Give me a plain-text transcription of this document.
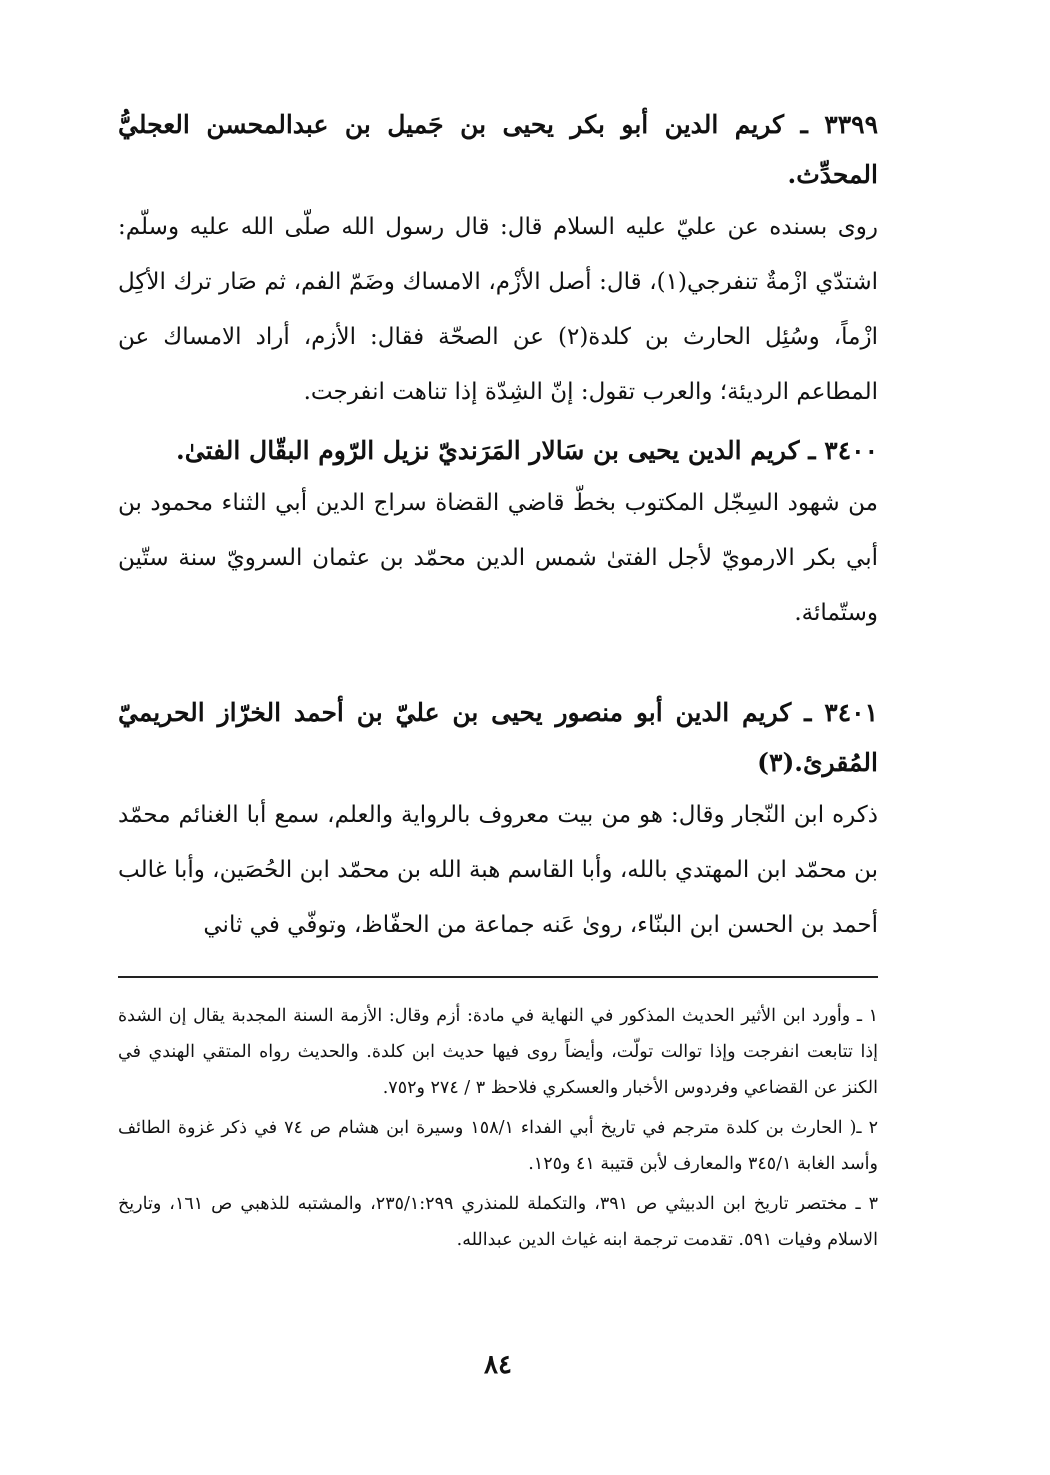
٣٣٩٩ ـ كريم الدين أبو بكر يحيى بن جَميل بن عبدالمحسن العجليُّ المحدِّث.

روى بسنده عن عليّ عليه السلام قال: قال رسول الله صلّى الله عليه وسلّم: اشتدّي ازْمةٌ تنفرجي(١)، قال: أصل الأزْم، الامساك وضَمّ الفم، ثم صَار ترك الأكِل ازْماً، وسُئِل الحارث بن كلدة(٢) عن الصحّة فقال: الأزم، أراد الامساك عن المطاعم الرديئة؛ والعرب تقول: إنّ الشِدّة إذا تناهت انفرجت.

٣٤٠٠ ـ كريم الدين يحيى بن سَالار المَرَنديّ نزيل الرّوم البقّال الفتىٰ.

من شهود السِجّل المكتوب بخطّ قاضي القضاة سراج الدين أبي الثناء محمود بن أبي بكر الارمويّ لأجل الفتىٰ شمس الدين محمّد بن عثمان السرويّ سنة ستّين وستّمائة.

٣٤٠١ ـ كريم الدين أبو منصور يحيى بن عليّ بن أحمد الخرّاز الحريميّ المُقرئ.(٣)

ذكره ابن النّجار وقال: هو من بيت معروف بالرواية والعلم، سمع أبا الغنائم محمّد بن محمّد ابن المهتدي بالله، وأبا القاسم هبة الله بن محمّد ابن الحُصَين، وأبا غالب أحمد بن الحسن ابن البنّاء، روىٰ عَنه جماعة من الحفّاظ، وتوفّي في ثاني

١ ـ وأورد ابن الأثير الحديث المذكور في النهاية في مادة: أزم وقال: الأزمة السنة المجدبة يقال إن الشدة إذا تتابعت انفرجت وإذا توالت تولّت، وأيضاً روى فيها حديث ابن كلدة. والحديث رواه المتقي الهندي في الكنز عن القضاعي وفردوس الأخبار والعسكري فلاحظ ٣ / ٢٧٤ و٧٥٢.

٢ ـ( الحارث بن كلدة مترجم في تاريخ أبي الفداء ١٥٨/١ وسيرة ابن هشام ص ٧٤ في ذكر غزوة الطائف وأسد الغابة ٣٤٥/١ والمعارف لأبن قتيبة ٤١ و١٢٥.

٣ ـ مختصر تاريخ ابن الدبيثي ص ٣٩١، والتكملة للمنذري ٢٣٥/١:٢٩٩، والمشتبه للذهبي ص ١٦١، وتاريخ الاسلام وفيات ٥٩١. تقدمت ترجمة ابنه غياث الدين عبدالله.

٨٤
